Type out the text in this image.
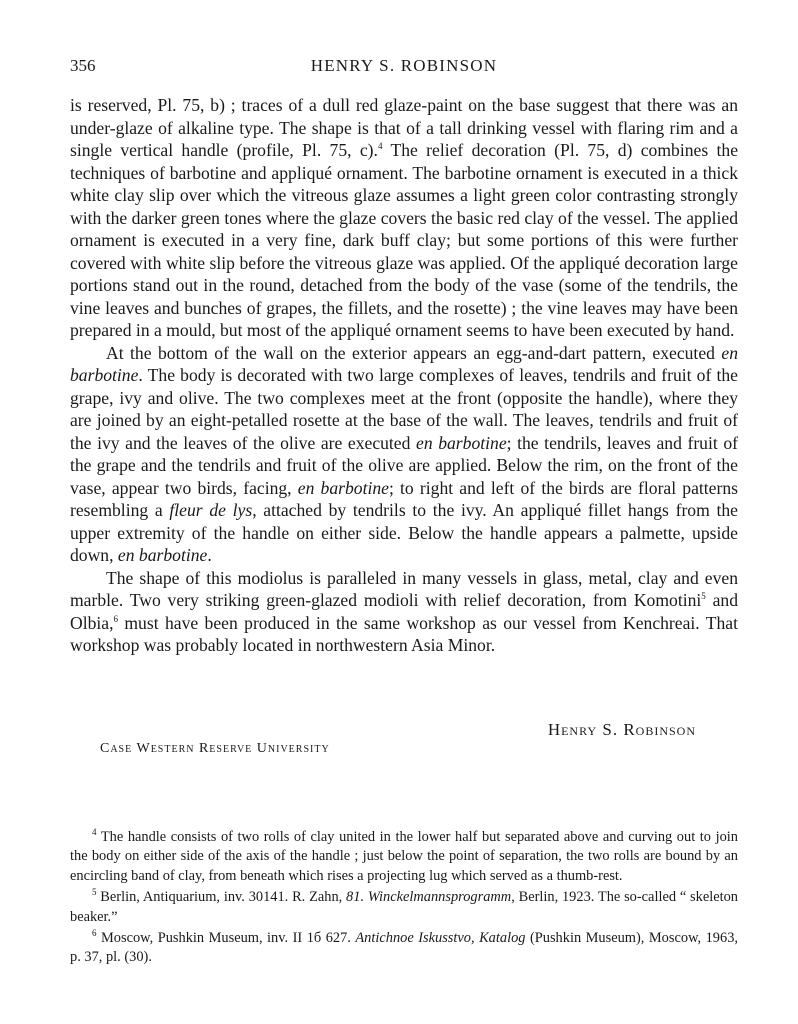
356	HENRY S. ROBINSON

is reserved, Pl. 75, b) ; traces of a dull red glaze-paint on the base suggest that there was an under-glaze of alkaline type. The shape is that of a tall drinking vessel with flaring rim and a single vertical handle (profile, Pl. 75, c).$^4$ The relief decoration (Pl. 75, d) combines the techniques of barbotine and appliqué ornament. The barbotine ornament is executed in a thick white clay slip over which the vitreous glaze assumes a light green color contrasting strongly with the darker green tones where the glaze covers the basic red clay of the vessel. The applied ornament is executed in a very fine, dark buff clay; but some portions of this were further covered with white slip before the vitreous glaze was applied. Of the appliqué decoration large portions stand out in the round, detached from the body of the vase (some of the tendrils, the vine leaves and bunches of grapes, the fillets, and the rosette) ; the vine leaves may have been prepared in a mould, but most of the appliqué ornament seems to have been executed by hand.

At the bottom of the wall on the exterior appears an egg-and-dart pattern, executed en barbotine. The body is decorated with two large complexes of leaves, tendrils and fruit of the grape, ivy and olive. The two complexes meet at the front (opposite the handle), where they are joined by an eight-petalled rosette at the base of the wall. The leaves, tendrils and fruit of the ivy and the leaves of the olive are executed en barbotine; the tendrils, leaves and fruit of the grape and the tendrils and fruit of the olive are applied. Below the rim, on the front of the vase, appear two birds, facing, en barbotine; to right and left of the birds are floral patterns resembling a fleur de lys, attached by tendrils to the ivy. An appliqué fillet hangs from the upper extremity of the handle on either side. Below the handle appears a palmette, upside down, en barbotine.

The shape of this modiolus is paralleled in many vessels in glass, metal, clay and even marble. Two very striking green-glazed modioli with relief decoration, from Komotini$^5$ and Olbia,$^6$ must have been produced in the same workshop as our vessel from Kenchreai. That workshop was probably located in northwestern Asia Minor.

Henry S. Robinson
Case Western Reserve University

$^4$ The handle consists of two rolls of clay united in the lower half but separated above and curving out to join the body on either side of the axis of the handle ; just below the point of separation, the two rolls are bound by an encircling band of clay, from beneath which rises a projecting lug which served as a thumb-rest.

$^5$ Berlin, Antiquarium, inv. 30141. R. Zahn, 81. Winckelmannsprogramm, Berlin, 1923. The so-called “ skeleton beaker.”

$^6$ Moscow, Pushkin Museum, inv. II 1б 627. Antichnoe Iskusstvo, Katalog (Pushkin Museum), Moscow, 1963, p. 37, pl. (30).
